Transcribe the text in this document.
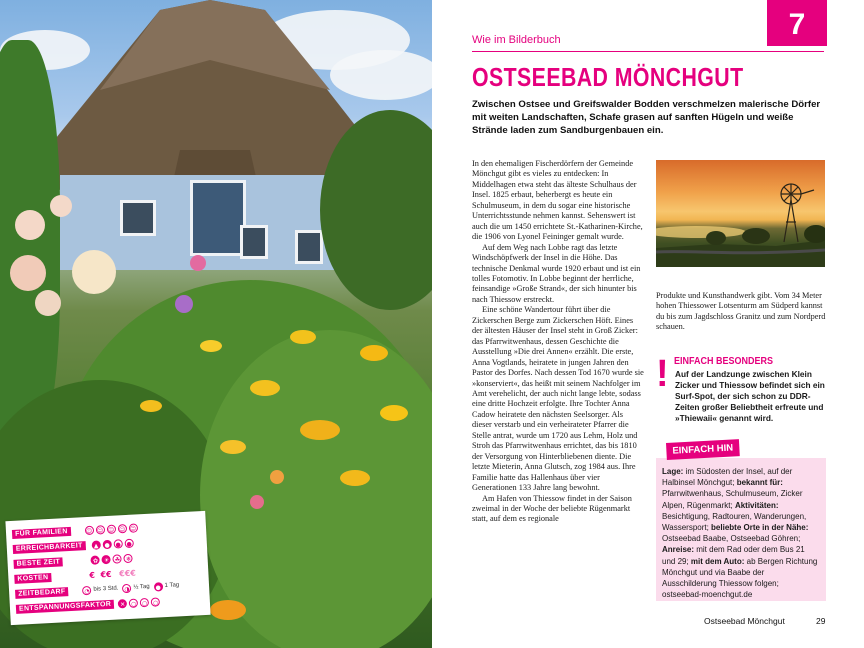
FÜR FAMILIEN	☺ ☺ ☺ ☺ ☺
ERREICHBARKEIT	▲ ● ● ●
BESTE ZEIT	✿ ☀ ☘ ❄
KOSTEN	€  €€ €€€
ZEITBEDARF	◔ bis 3 Std. ◑ ½ Tag ● 1 Tag
ENTSPANNUNGSFAKTOR	✕ ○ ○ ○
7
Wie im Bilderbuch
OSTSEEBAD MÖNCHGUT
Zwischen Ostsee und Greifswalder Bodden verschmelzen malerische Dörfer mit weiten Landschaften, Schafe grasen auf sanften Hügeln und weiße Strände laden zum Sandburgenbauen ein.

In den ehemaligen Fischerdörfern der Gemeinde Mönchgut gibt es vieles zu entdecken: In Middelhagen etwa steht das älteste Schulhaus der Insel. 1825 erbaut, beherbergt es heute ein Schulmuseum, in dem du sogar eine historische Unterrichtsstunde nehmen kannst. Sehenswert ist auch die um 1450 errichtete St.-Katharinen-Kirche, die 1906 von Lyonel Feininger gemalt wurde.

Auf dem Weg nach Lobbe ragt das letzte Windschöpfwerk der Insel in die Höhe. Das technische Denkmal wurde 1920 erbaut und ist ein tolles Fotomotiv. In Lobbe beginnt der herrliche, feinsandige »Große Strand«, der sich hinunter bis nach Thiessow erstreckt.

Eine schöne Wandertour führt über die Zickerschen Berge zum Zickerschen Höft. Eines der ältesten Häuser der Insel steht in Groß Zicker: das Pfarrwitwenhaus, dessen Geschichte die Ausstellung »Die drei Annen« erzählt. Die erste, Anna Vogtlands, heiratete in jungen Jahren den Pastor des Dorfes. Nach dessen Tod 1670 wurde sie »konserviert«, das heißt mit seinem Nachfolger im Amt verehelicht, der auch nicht lange lebte, sodass eine dritte Hochzeit erfolgte. Ihre Tochter Anna Cadow heiratete den nächsten Seelsorger. Als dieser verstarb und ein verheirateter Pfarrer die Stelle antrat, wurde um 1720 aus Lehm, Holz und Stroh das Pfarrwitwenhaus errichtet, das bis 1810 der Versorgung von Hinterbliebenen diente. Die letzte Mieterin, Anna Glutsch, zog 1984 aus. Ihre Familie hatte das Hallenhaus über vier Generationen 133 Jahre lang bewohnt.

Am Hafen von Thiessow findet in der Saison zweimal in der Woche der beliebte Rügenmarkt statt, auf dem es regionale

Produkte und Kunsthandwerk gibt. Vom 34 Meter hohen Thiessower Lotsenturm am Südperd kannst du bis zum Jagdschloss Granitz und zum Nordperd schauen.
! EINFACH BESONDERS
Auf der Landzunge zwischen Klein Zicker und Thiessow befindet sich ein Surf-Spot, der sich schon zu DDR-Zeiten großer Beliebtheit erfreute und »Thiewaii« genannt wird.
EINFACH HIN
Lage: im Südosten der Insel, auf der Halbinsel Mönchgut; bekannt für: Pfarrwitwenhaus, Schulmuseum, Zicker Alpen, Rügenmarkt; Aktivitäten: Besichtigung, Radtouren, Wanderungen, Wassersport; beliebte Orte in der Nähe: Ostseebad Baabe, Ostseebad Göhren; Anreise: mit dem Rad oder dem Bus 21 und 29; mit dem Auto: ab Bergen Richtung Mönchgut und via Baabe der Ausschilderung Thiessow folgen; ostseebad-moenchgut.de
Ostseebad Mönchgut	29
